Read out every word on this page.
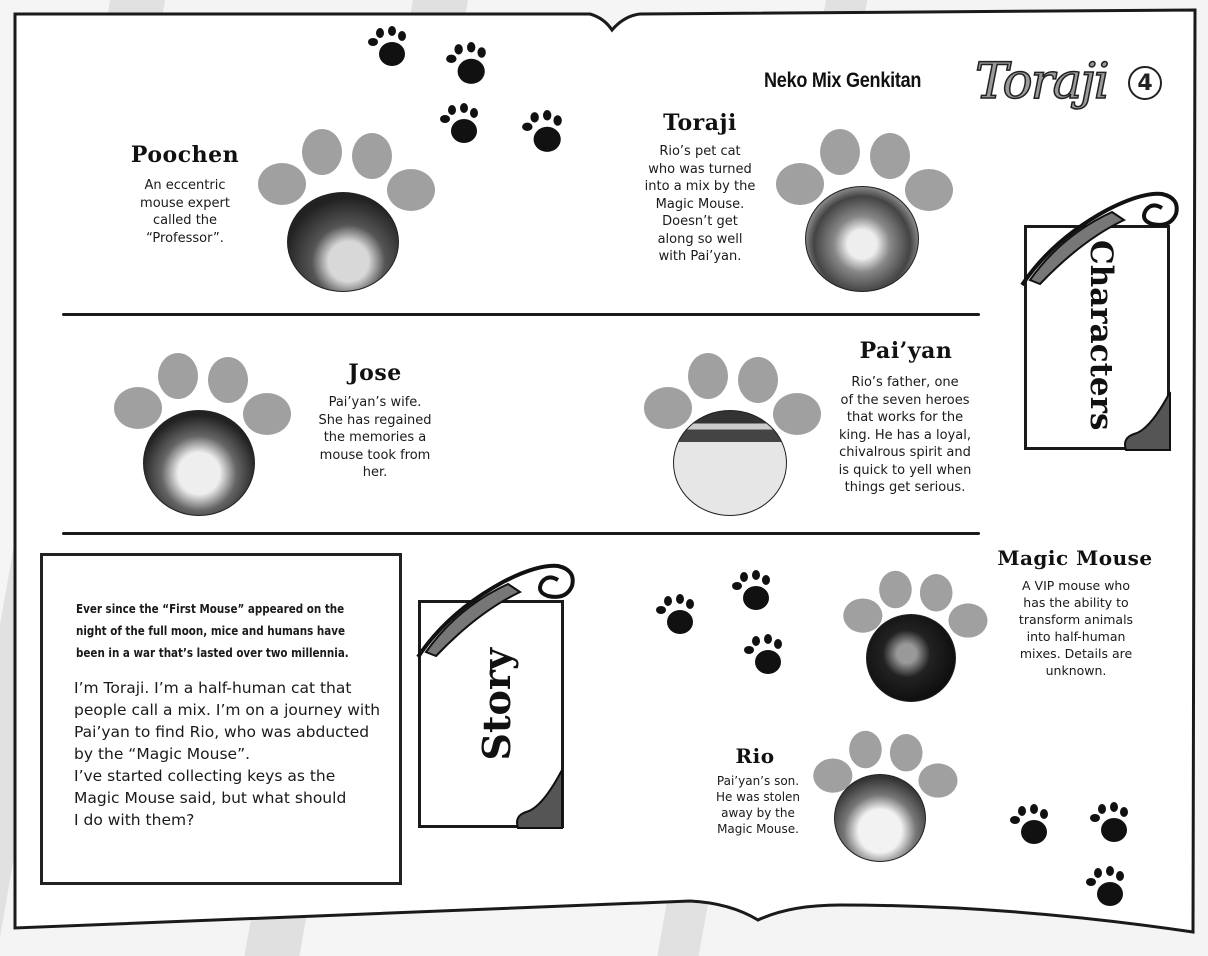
Neko Mix Genkitan Toraji	4
Poochen
An eccentric
mouse expert
called the
“Professor”.
Toraji
Rio’s pet cat
who was turned
into a mix by the
Magic Mouse.
Doesn’t get
along so well
with Pai’yan.
Jose
Pai’yan’s wife.
She has regained
the memories a
mouse took from
her.
Pai’yan
Rio’s father, one
of the seven heroes
that works for the
king. He has a loyal,
chivalrous spirit and
is quick to yell when
things get serious.
Characters
Ever since the “First Mouse” appeared on the
night of the full moon, mice and humans have
been in a war that’s lasted over two millennia.
I’m Toraji. I’m a half-human cat that
people call a mix. I’m on a journey with
Pai’yan to find Rio, who was abducted
by the “Magic Mouse”.
I’ve started collecting keys as the
Magic Mouse said, but what should
I do with them?
Story
Magic Mouse
A VIP mouse who
has the ability to
transform animals
into half-human
mixes. Details are
unknown.
Rio
Pai’yan’s son.
He was stolen
away by the
Magic Mouse.
